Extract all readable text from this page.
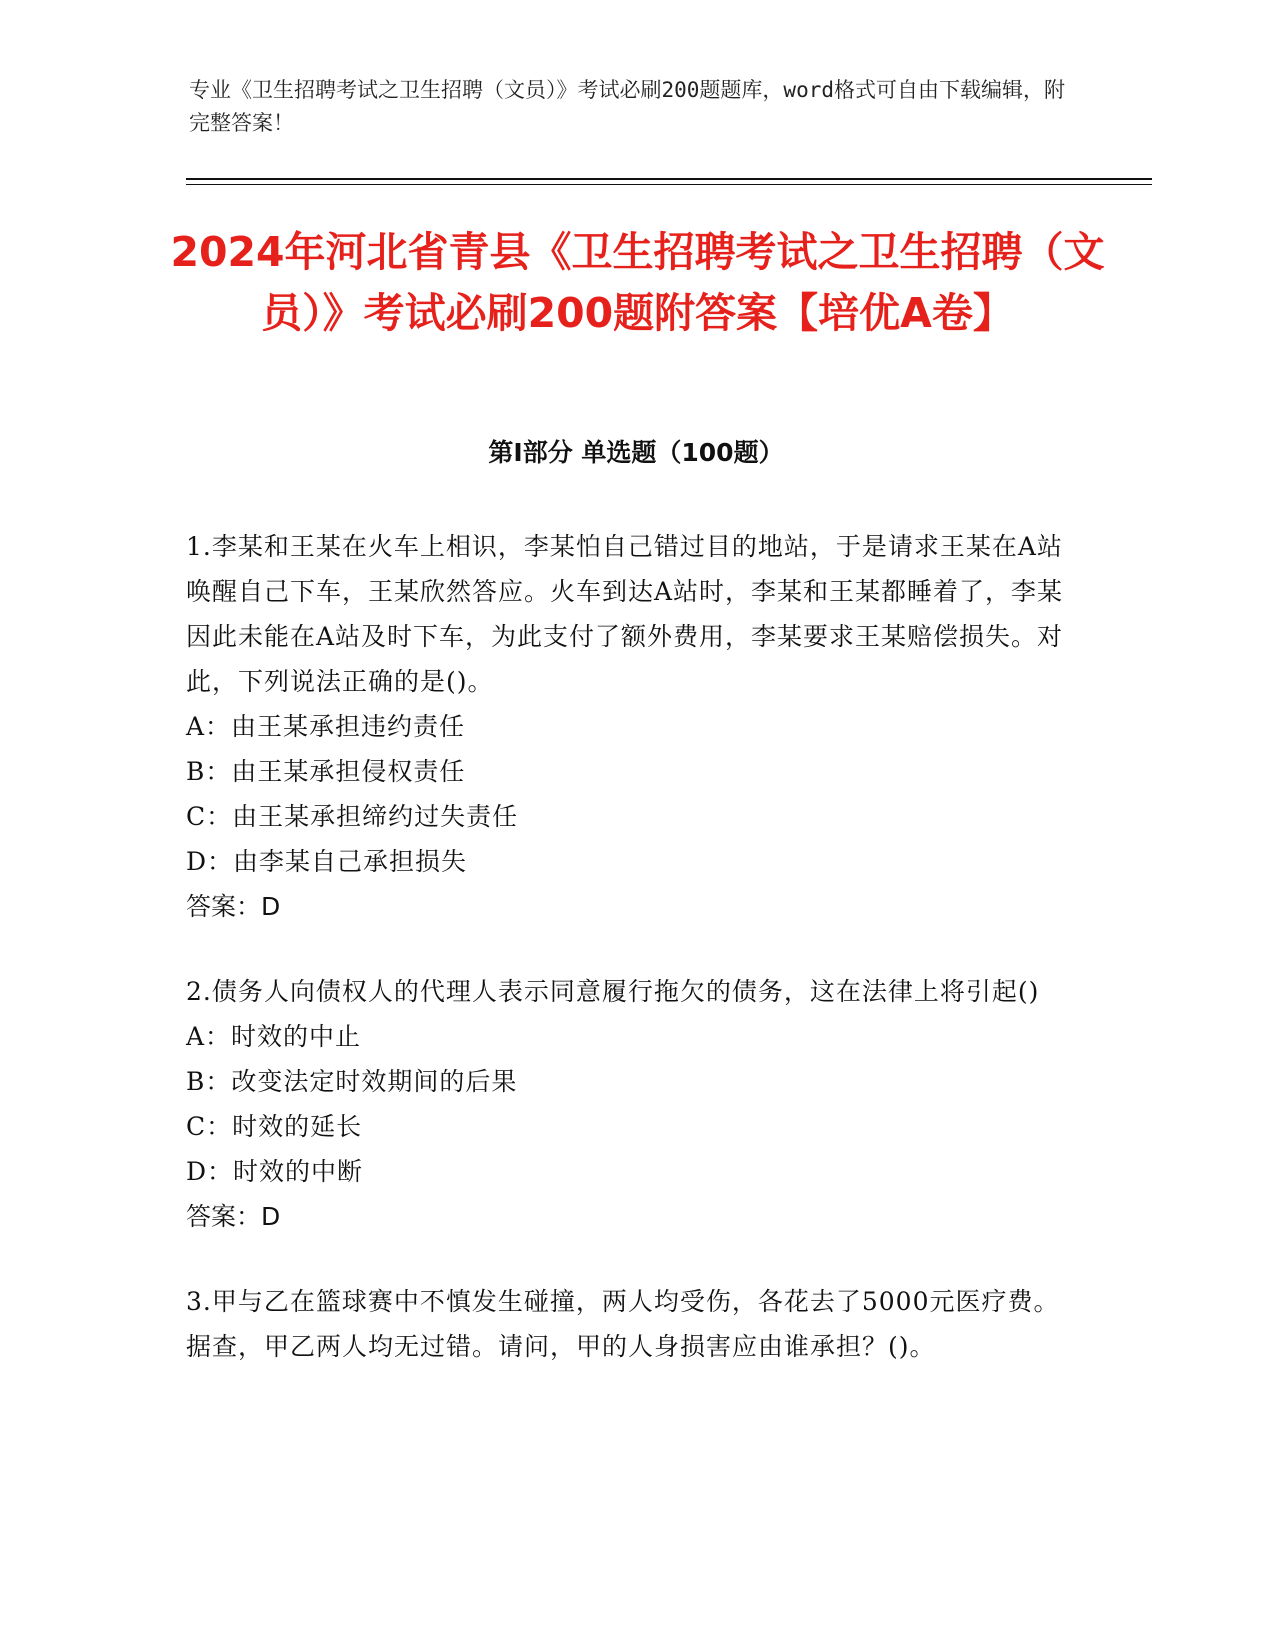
专业《卫生招聘考试之卫生招聘（文员）》考试必刷200题题库，word格式可自由下载编辑，附完整答案！
2024年河北省青县《卫生招聘考试之卫生招聘（文员）》考试必刷200题附答案【培优A卷】
第Ⅰ部分 单选题（100题）
1.李某和王某在火车上相识，李某怕自己错过目的地站，于是请求王某在A站唤醒自己下车，王某欣然答应。火车到达A站时，李某和王某都睡着了，李某因此未能在A站及时下车，为此支付了额外费用，李某要求王某赔偿损失。对此，下列说法正确的是()。
A：由王某承担违约责任
B：由王某承担侵权责任
C：由王某承担缔约过失责任
D：由李某自己承担损失
答案：D
2.债务人向债权人的代理人表示同意履行拖欠的债务，这在法律上将引起()
A：时效的中止
B：改变法定时效期间的后果
C：时效的延长
D：时效的中断
答案：D
3.甲与乙在篮球赛中不慎发生碰撞，两人均受伤，各花去了5000元医疗费。据查，甲乙两人均无过错。请问，甲的人身损害应由谁承担？()。
